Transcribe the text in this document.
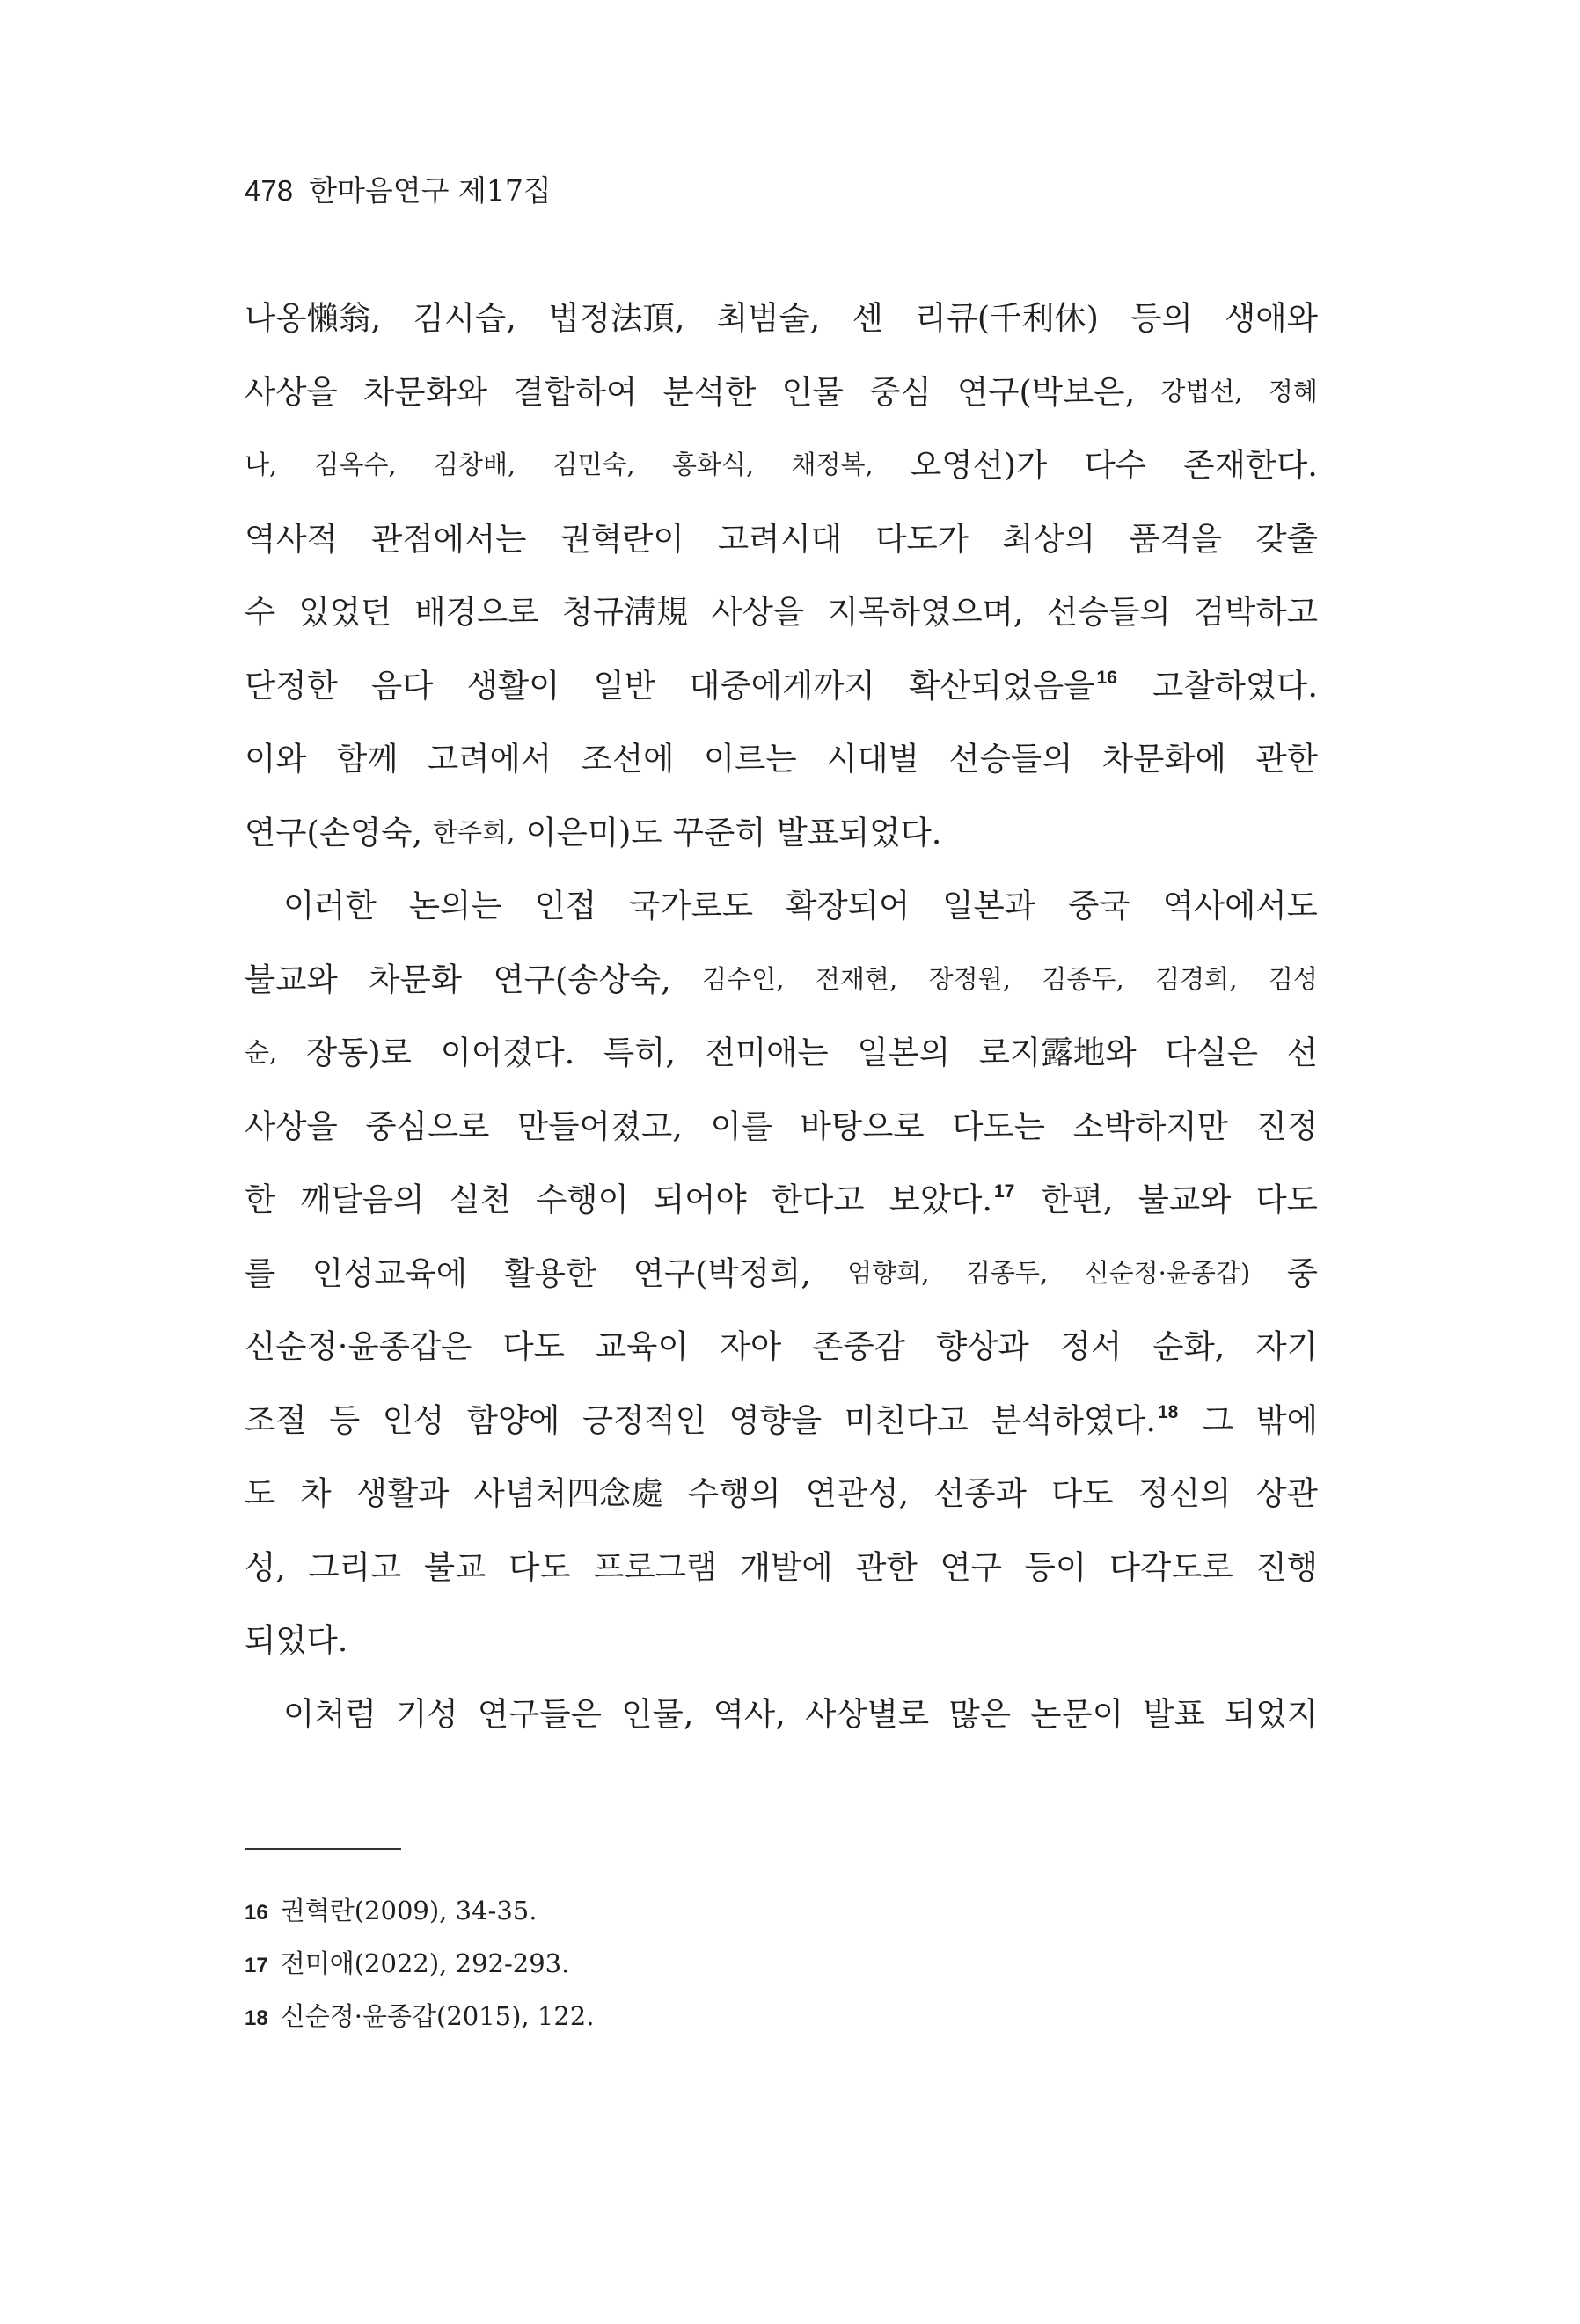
478 한마음연구 제17집
나옹懶翁, 김시습, 법정法頂, 최범술, 센 리큐(千利休) 등의 생애와
사상을 차문화와 결합하여 분석한 인물 중심 연구(박보은, 강법선, 정혜
나, 김옥수, 김창배, 김민숙, 홍화식, 채정복, 오영선)가 다수 존재한다.
역사적 관점에서는 권혁란이 고려시대 다도가 최상의 품격을 갖출
수 있었던 배경으로 청규淸規 사상을 지목하였으며, 선승들의 검박하고
단정한 음다 생활이 일반 대중에게까지 확산되었음을$^{16}$ 고찰하였다.
이와 함께 고려에서 조선에 이르는 시대별 선승들의 차문화에 관한
연구(손영숙, 한주희, 이은미)도 꾸준히 발표되었다.
이러한 논의는 인접 국가로도 확장되어 일본과 중국 역사에서도
불교와 차문화 연구(송상숙, 김수인, 전재현, 장정원, 김종두, 김경희, 김성
순, 장동)로 이어졌다. 특히, 전미애는 일본의 로지露地와 다실은 선
사상을 중심으로 만들어졌고, 이를 바탕으로 다도는 소박하지만 진정
한 깨달음의 실천 수행이 되어야 한다고 보았다.$^{17}$ 한편, 불교와 다도
를 인성교육에 활용한 연구(박정희, 엄향희, 김종두, 신순정·윤종갑) 중
신순정·윤종갑은 다도 교육이 자아 존중감 향상과 정서 순화, 자기
조절 등 인성 함양에 긍정적인 영향을 미친다고 분석하였다.$^{18}$ 그 밖에
도 차 생활과 사념처四念處 수행의 연관성, 선종과 다도 정신의 상관
성, 그리고 불교 다도 프로그램 개발에 관한 연구 등이 다각도로 진행
되었다.
이처럼 기성 연구들은 인물, 역사, 사상별로 많은 논문이 발표 되었지
16 권혁란(2009), 34-35.
17 전미애(2022), 292-293.
18 신순정·윤종갑(2015), 122.
